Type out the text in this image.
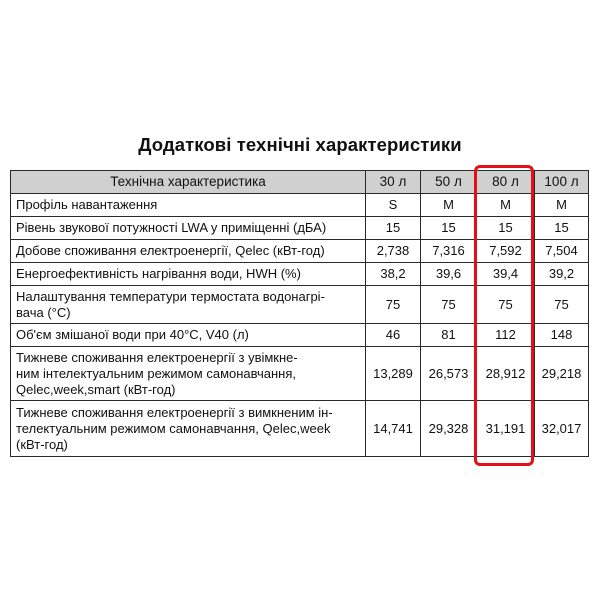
Додаткові технічні характеристики
Технічна характеристика	30 л	50 л	80 л	100 л
Профіль навантаження	S	M	M	M
Рівень звукової потужності LWA у приміщенні (дБА)	15	15	15	15
Добове споживання електроенергії, Qelec (кВт-год)	2,738	7,316	7,592	7,504
Енергоефективність нагрівання води, HWH (%)	38,2	39,6	39,4	39,2
Налаштування температури термостата водонагрі-
вача (°C)	75	75	75	75
Об'єм змішаної води при 40°C, V40 (л)	46	81	112	148
Тижневе споживання електроенергії з увімкне-
ним інтелектуальним режимом самонавчання,
Qelec,week,smart (кВт-год)	13,289	26,573	28,912	29,218
Тижневе споживання електроенергії з вимкненим ін-
телектуальним режимом самонавчання, Qelec,week
(кВт-год)	14,741	29,328	31,191	32,017
